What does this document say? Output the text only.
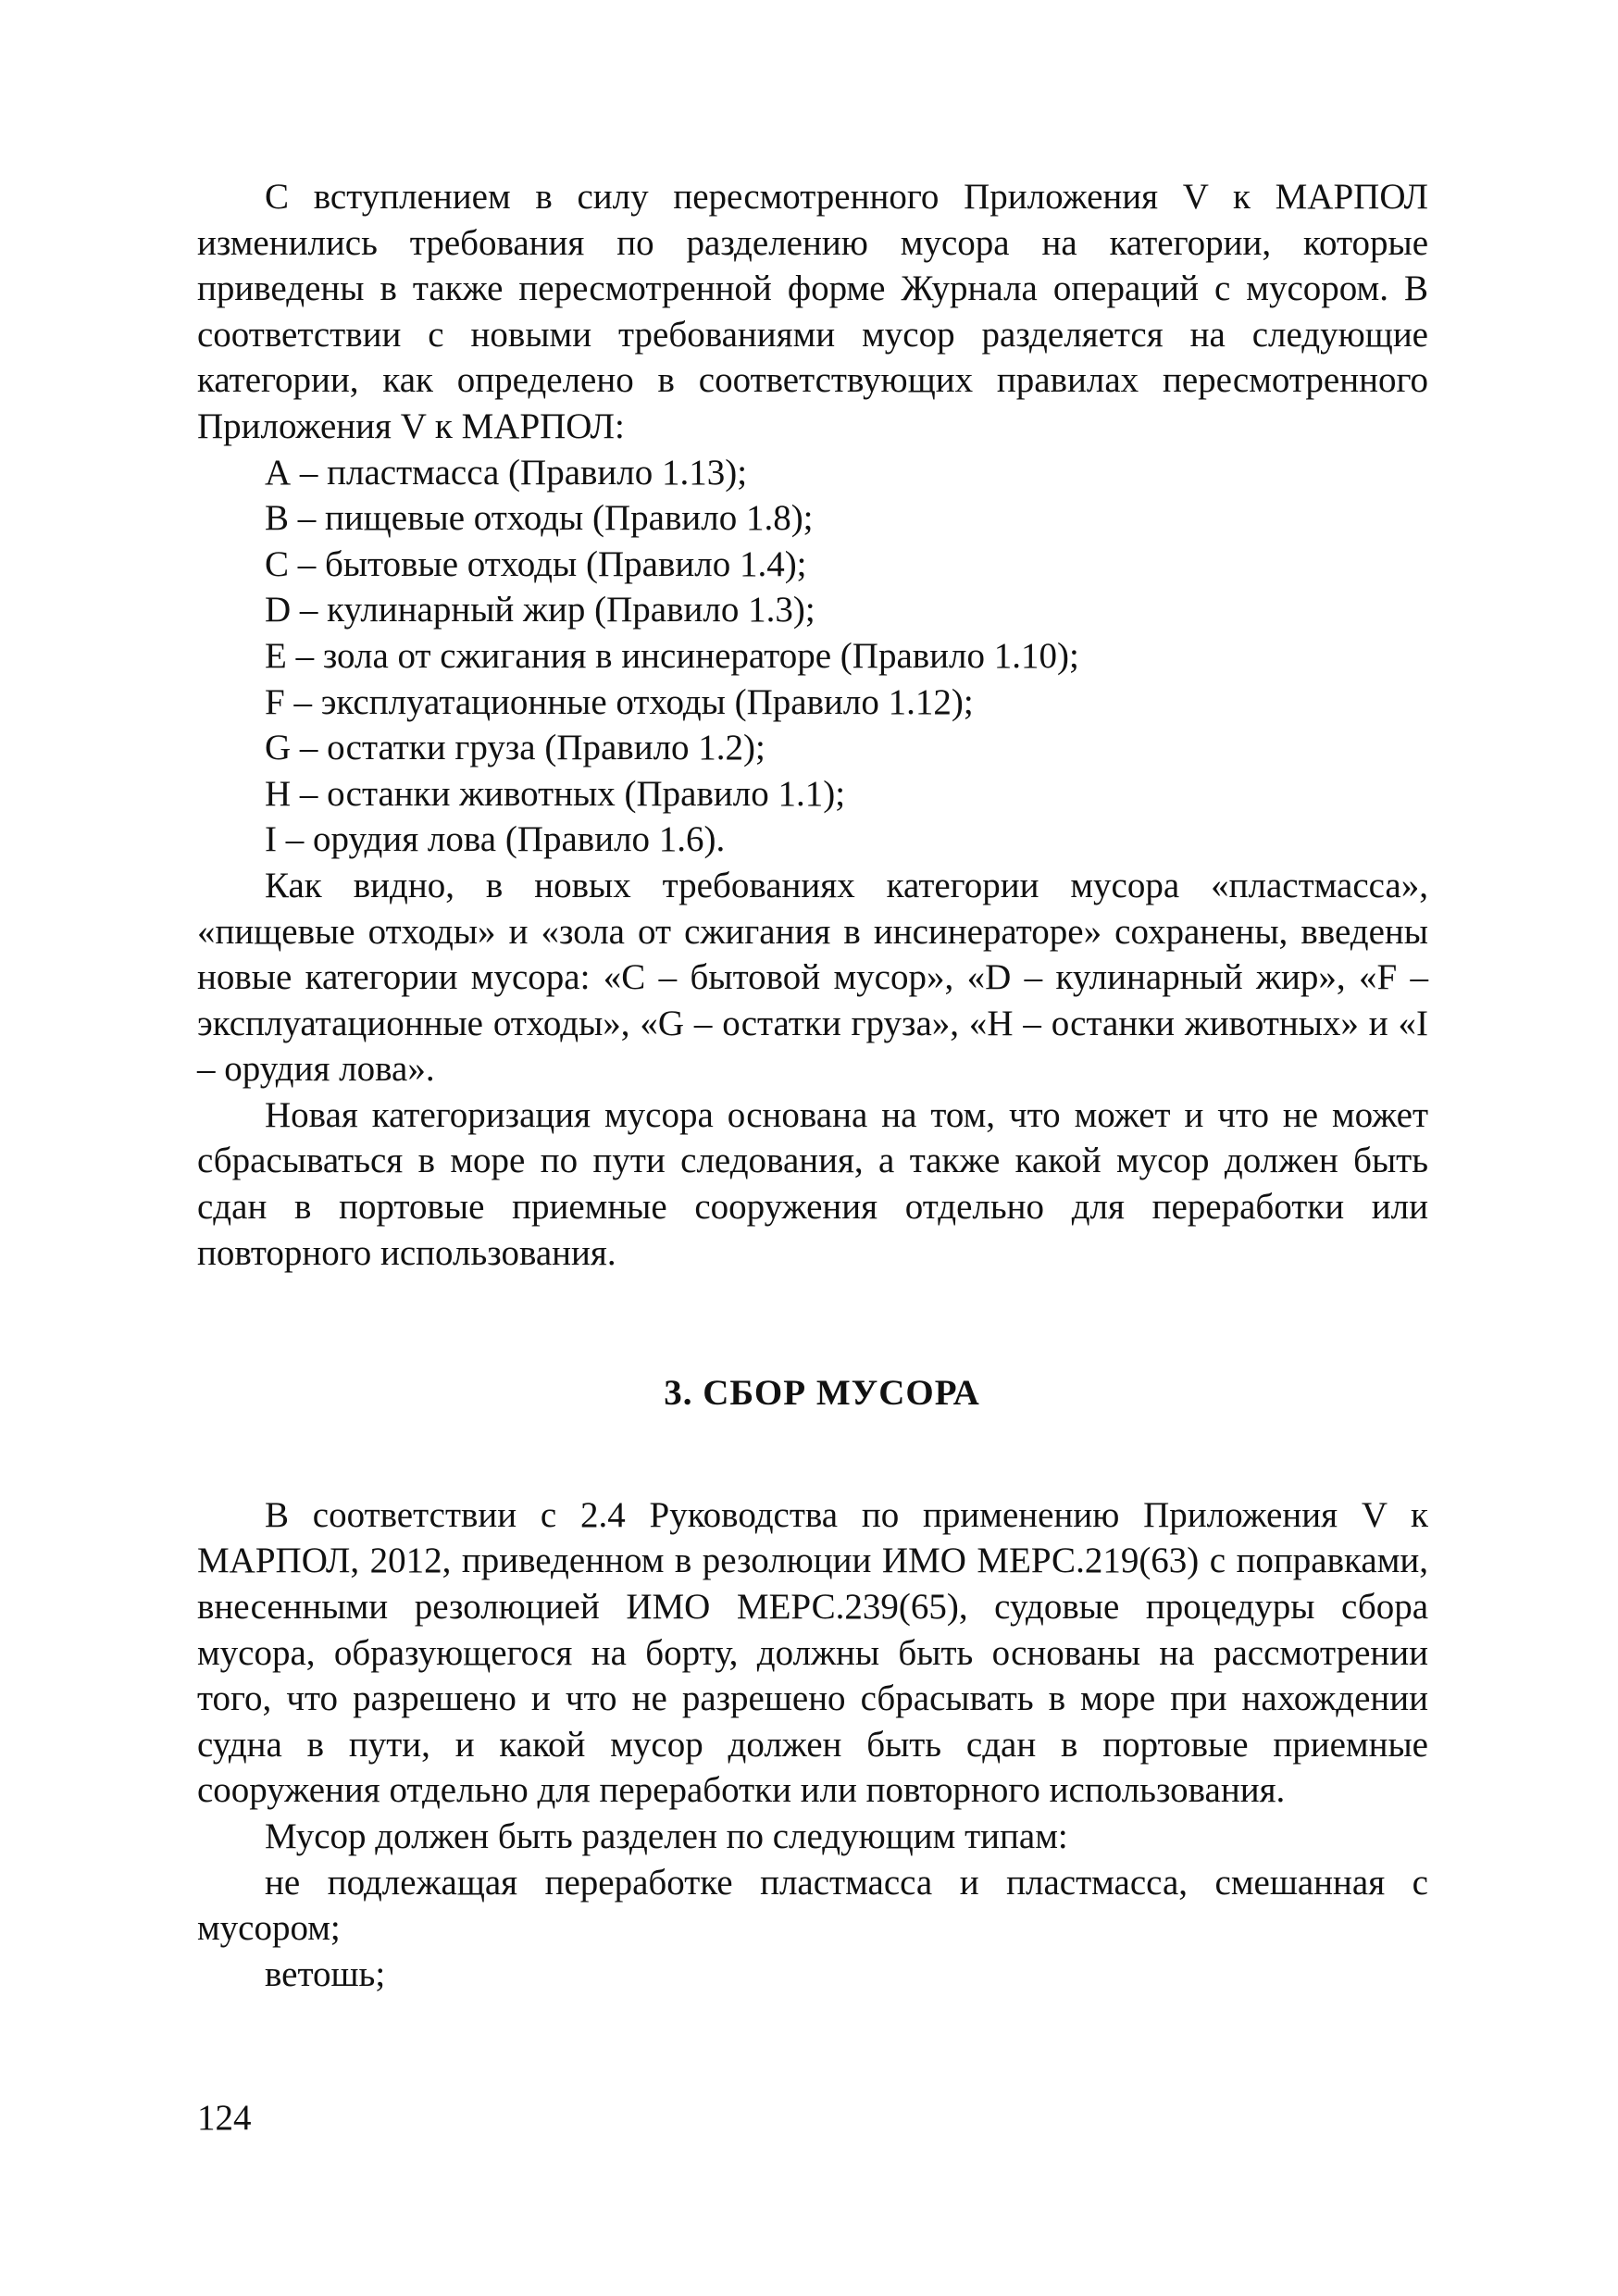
С вступлением в силу пересмотренного Приложения V к МАРПОЛ изменились требования по разделению мусора на категории, которые приведены в также пересмотренной форме Журнала операций с мусором. В соответствии с новыми требованиями мусор разделяется на следующие категории, как определено в соответствующих правилах пересмотренного Приложения V к МАРПОЛ:

А – пластмасса (Правило 1.13);

В – пищевые отходы (Правило 1.8);

С – бытовые отходы (Правило 1.4);

D – кулинарный жир (Правило 1.3);

E – зола от сжигания в инсинераторе (Правило 1.10);

F – эксплуатационные отходы (Правило 1.12);

G – остатки груза (Правило 1.2);

H – останки животных (Правило 1.1);

I – орудия лова (Правило 1.6).

Как видно, в новых требованиях категории мусора «пластмасса», «пищевые отходы» и «зола от сжигания в инсинераторе» сохранены, введены новые категории мусора: «С – бытовой мусор», «D – кулинарный жир», «F – эксплуатационные отходы», «G – остатки груза», «H – останки животных» и «I – орудия лова».

Новая категоризация мусора основана на том, что может и что не может сбрасываться в море по пути следования, а также какой мусор должен быть сдан в портовые приемные сооружения отдельно для переработки или повторного использования.

3. СБОР МУСОРА

В соответствии с 2.4 Руководства по применению Приложения V к МАРПОЛ, 2012, приведенном в резолюции ИМО МЕРС.219(63) с поправками, внесенными резолюцией ИМО МЕРС.239(65), судовые процедуры сбора мусора, образующегося на борту, должны быть основаны на рассмотрении того, что разрешено и что не разрешено сбрасывать в море при нахождении судна в пути, и какой мусор должен быть сдан в портовые приемные сооружения отдельно для переработки или повторного использования.

Мусор должен быть разделен по следующим типам:

не подлежащая переработке пластмасса и пластмасса, смешанная с мусором;

ветошь;

124
